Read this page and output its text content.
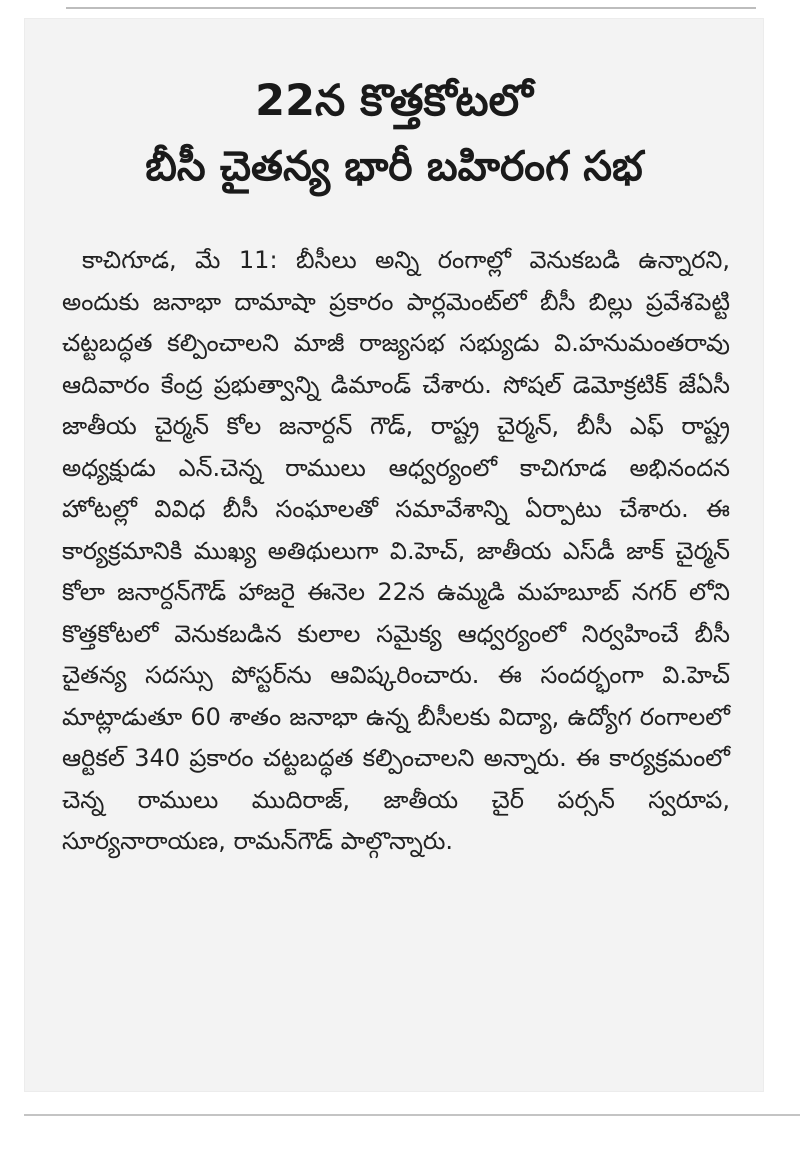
22న కొత్తకోటలో
బీసీ చైతన్య భారీ బహిరంగ సభ

కాచిగూడ, మే 11: బీసీలు అన్ని రంగాల్లో వెనుకబడి ఉన్నారని, అందుకు జనాభా దామాషా ప్రకారం పార్లమెంట్‌లో బీసీ బిల్లు ప్రవేశపెట్టి చట్టబద్ధత కల్పించాలని మాజీ రాజ్యసభ సభ్యుడు వి.హనుమంతరావు ఆదివారం కేంద్ర ప్రభుత్వాన్ని డిమాండ్ చేశారు. సోషల్ డెమోక్రటిక్ జేఏసీ జాతీయ చైర్మన్ కోల జనార్దన్ గౌడ్, రాష్ట్ర చైర్మన్, బీసీ ఎఫ్ రాష్ట్ర అధ్యక్షుడు ఎన్.చెన్న రాములు ఆధ్వర్యంలో కాచిగూడ అభినందన హోటల్లో వివిధ బీసీ సంఘాలతో సమావేశాన్ని ఏర్పాటు చేశారు. ఈ కార్యక్రమానికి ముఖ్య అతిథులుగా వి.హెచ్, జాతీయ ఎస్‌డీ జాక్ చైర్మన్ కోలా జనార్దన్‌గౌడ్ హాజరై ఈనెల 22న ఉమ్మడి మహబూబ్ నగర్ లోని కొత్తకోటలో వెనుకబడిన కులాల సమైక్య ఆధ్వర్యంలో నిర్వహించే బీసీ చైతన్య సదస్సు పోస్టర్‌ను ఆవిష్కరించారు. ఈ సందర్భంగా వి.హెచ్ మాట్లాడుతూ 60 శాతం జనాభా ఉన్న బీసీలకు విద్యా, ఉద్యోగ రంగాలలో ఆర్టికల్ 340 ప్రకారం చట్టబద్ధత కల్పించాలని అన్నారు. ఈ కార్యక్రమంలో చెన్న రాములు ముదిరాజ్, జాతీయ చైర్ పర్సన్ స్వరూప, సూర్యనారాయణ, రామన్‌గౌడ్ పాల్గొన్నారు.
